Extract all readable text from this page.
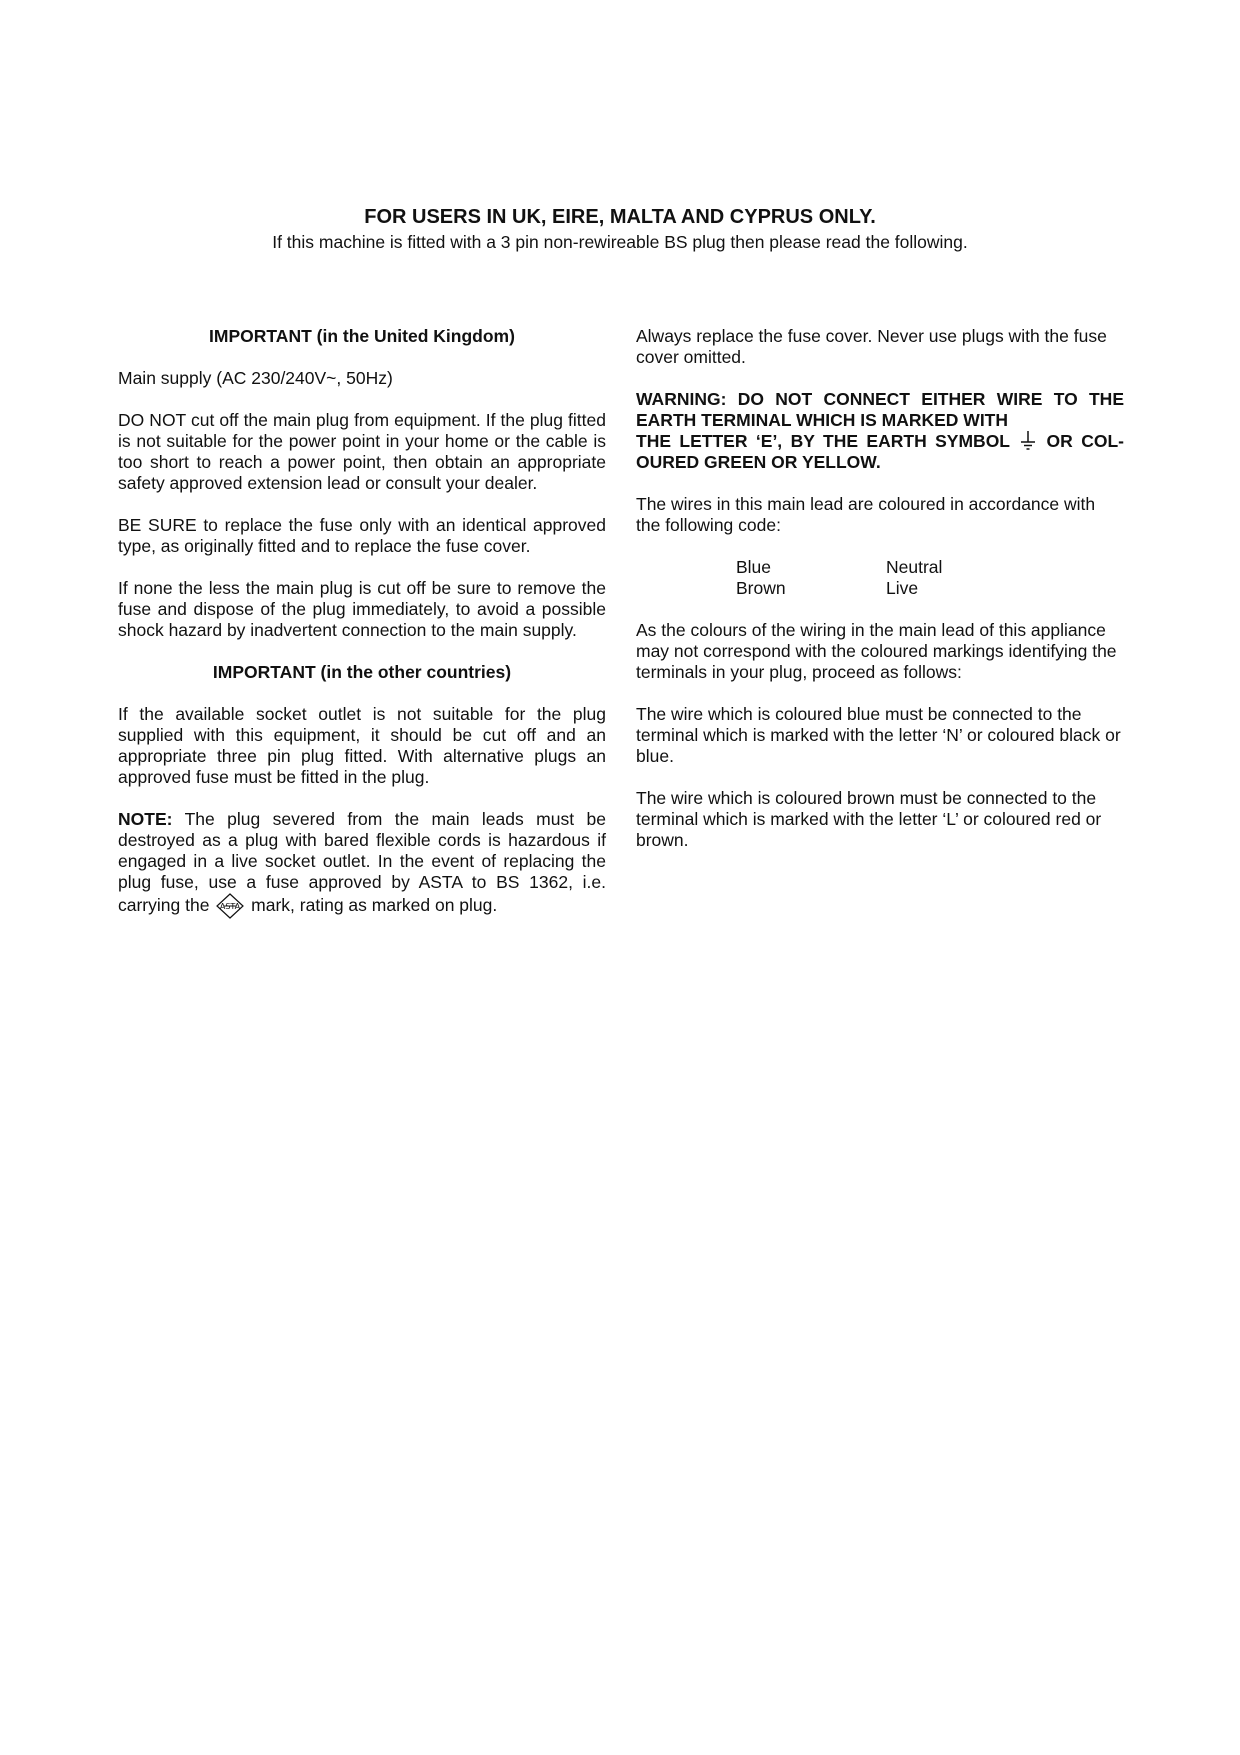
FOR USERS IN UK, EIRE, MALTA AND CYPRUS ONLY.

If this machine is fitted with a 3 pin non-rewireable BS plug then please read the following.

IMPORTANT (in the United Kingdom)

Main supply (AC 230/240V~, 50Hz)

DO NOT cut off the main plug from equipment. If the plug fitted is not suitable for the power point in your home or the cable is too short to reach a power point, then obtain an appropriate safety approved extension lead or consult your dealer.

BE SURE to replace the fuse only with an identical approved type, as originally fitted and to replace the fuse cover.

If none the less the main plug is cut off be sure to remove the fuse and dispose of the plug immediately, to avoid a possible shock hazard by inadvertent connection to the main supply.

IMPORTANT (in the other countries)

If the available socket outlet is not suitable for the plug supplied with this equipment, it should be cut off and an appropriate three pin plug fitted. With alternative plugs an approved fuse must be fitted in the plug.

NOTE: The plug severed from the main leads must be destroyed as a plug with bared flexible cords is hazardous if engaged in a live socket outlet. In the event of replacing the plug fuse, use a fuse approved by ASTA to BS 1362, i.e. carrying the ASTA mark, rating as marked on plug.

Always replace the fuse cover. Never use plugs with the fuse cover omitted.

WARNING: DO NOT CONNECT EITHER WIRE TO THE EARTH TERMINAL WHICH IS MARKED WITH
THE LETTER ‘E’, BY THE EARTH SYMBOL  OR COL-OURED GREEN OR YELLOW.

The wires in this main lead are coloured in accordance with the following code:

Blue	Neutral
Brown	Live

As the colours of the wiring in the main lead of this appliance may not correspond with the coloured markings identifying the terminals in your plug, proceed as follows:

The wire which is coloured blue must be connected to the terminal which is marked with the letter ‘N’ or coloured black or blue.

The wire which is coloured brown must be connected to the terminal which is marked with the letter ‘L’ or coloured red or brown.
